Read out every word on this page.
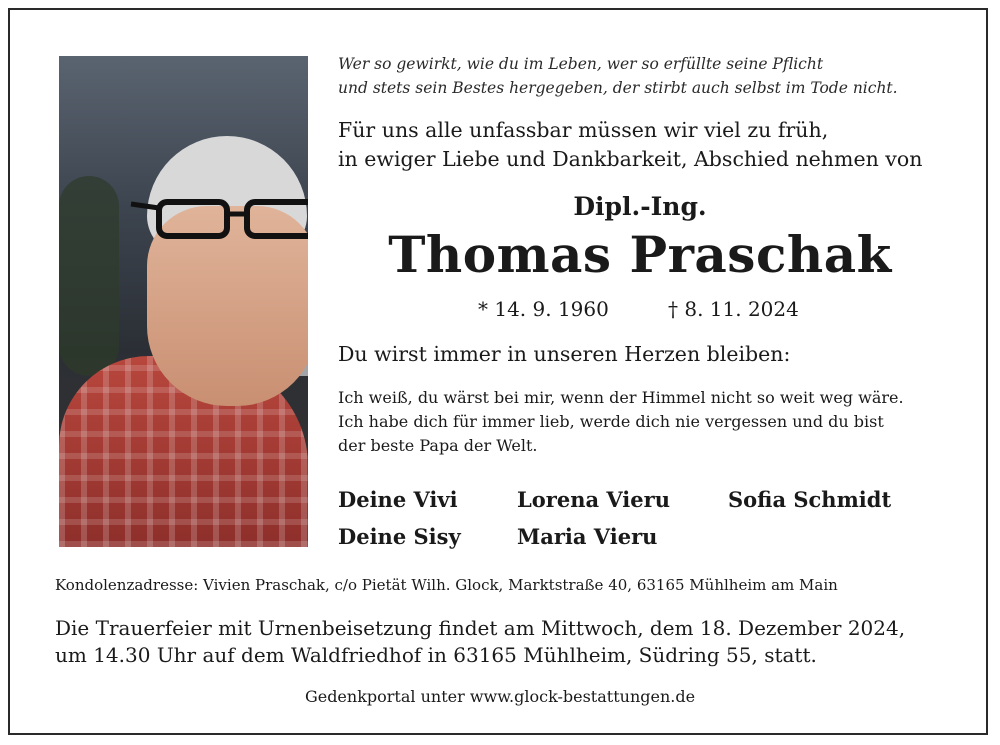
Wer so gewirkt, wie du im Leben, wer so erfüllte seine Pflicht
und stets sein Bestes hergegeben, der stirbt auch selbst im Tode nicht.
Für uns alle unfassbar müssen wir viel zu früh,
in ewiger Liebe und Dankbarkeit, Abschied nehmen von
Dipl.-Ing.
Thomas Praschak
* 14. 9. 1960	† 8. 11. 2024
Du wirst immer in unseren Herzen bleiben:
Ich weiß, du wärst bei mir, wenn der Himmel nicht so weit weg wäre.
Ich habe dich für immer lieb, werde dich nie vergessen und du bist
der beste Papa der Welt.
Deine Vivi	Lorena Vieru	Sofia Schmidt
Deine Sisy	Maria Vieru
Kondolenzadresse: Vivien Praschak, c/o Pietät Wilh. Glock, Marktstraße 40, 63165 Mühlheim am Main
Die Trauerfeier mit Urnenbeisetzung findet am Mittwoch, dem 18. Dezember 2024,
um 14.30 Uhr auf dem Waldfriedhof in 63165 Mühlheim, Südring 55, statt.
Gedenkportal unter www.glock-bestattungen.de
